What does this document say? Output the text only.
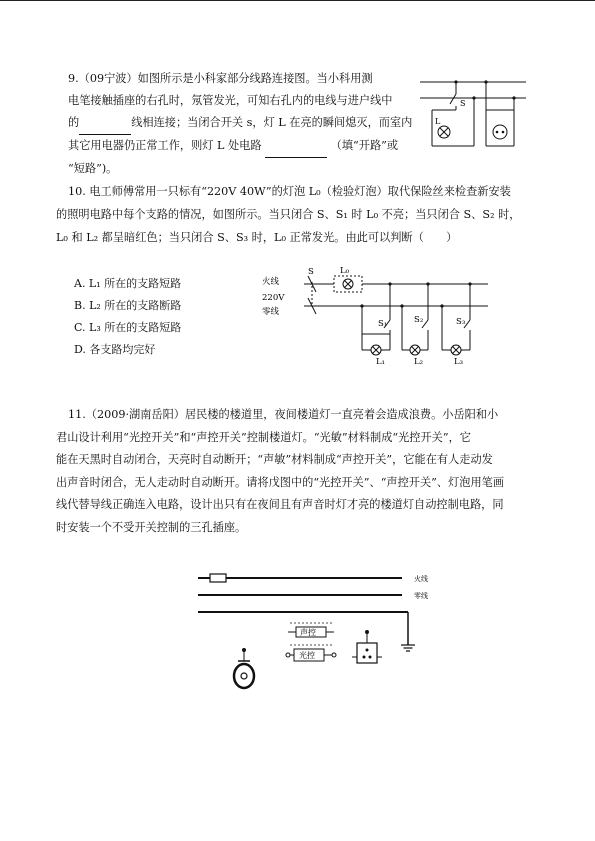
9.（09宁波）如图所示是小科家部分线路连接图。当小科用测
电笔接触插座的右孔时，氖管发光，可知右孔内的电线与进户线中
的	线相连接；当闭合开关 s，灯 L 在亮的瞬间熄灭，而室内
其它用电器仍正常工作，则灯 L 处电路	（填“开路”或
“短路”)。
L
S
10. 电工师傅常用一只标有“220V 40W”的灯泡 L₀（检验灯泡）取代保险丝来检查新安装
的照明电路中每个支路的情况，如图所示。当只闭合 S、S₁ 时 L₀ 不亮；当只闭合 S、S₂ 时，
L₀ 和 L₂ 都呈暗红色；当只闭合 S、S₃ 时，L₀ 正常发光。由此可以判断（　　）
A. L₁ 所在的支路短路
B. L₂ 所在的支路断路
C. L₃ 所在的支路短路
D. 各支路均完好
火线
220V
零线
S	L₀
S₁	S₂	S₃
L₁	L₂	L₃
11.（2009·湖南岳阳）居民楼的楼道里，夜间楼道灯一直亮着会造成浪费。小岳阳和小
君山设计利用“光控开关”和“声控开关”控制楼道灯。“光敏”材料制成“光控开关”，它
能在天黑时自动闭合，天亮时自动断开；“声敏”材料制成“声控开关”，它能在有人走动发
出声音时闭合，无人走动时自动断开。请将戊图中的“光控开关”、“声控开关”、灯泡用笔画
线代替导线正确连入电路，设计出只有在夜间且有声音时灯才亮的楼道灯自动控制电路，同
时安装一个不受开关控制的三孔插座。
火线
零线
声控
光控
